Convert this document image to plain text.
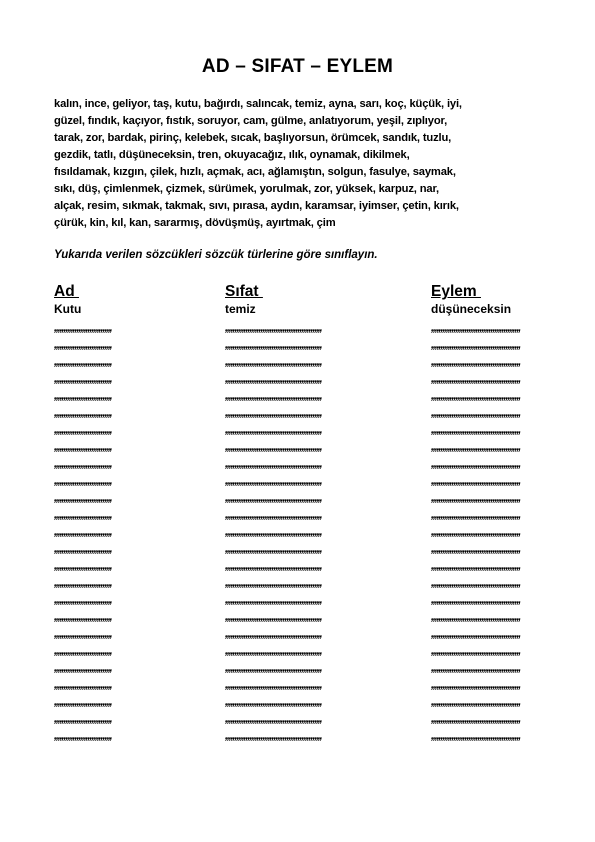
AD – SIFAT – EYLEM
kalın, ince, geliyor, taş, kutu, bağırdı, salıncak, temiz, ayna, sarı, koç, küçük, iyi,
güzel, fındık, kaçıyor, fıstık, soruyor, cam, gülme, anlatıyorum, yeşil, zıplıyor,
tarak, zor, bardak, pirinç, kelebek, sıcak, başlıyorsun, örümcek, sandık, tuzlu,
gezdik, tatlı, düşüneceksin, tren, okuyacağız, ılık, oynamak, dikilmek,
fısıldamak, kızgın, çilek, hızlı, açmak, acı, ağlamıştın, solgun, fasulye, saymak,
sıkı, düş, çimlenmek, çizmek, sürümek, yorulmak, zor, yüksek, karpuz, nar,
alçak, resim, sıkmak, takmak, sıvı, pırasa, aydın, karamsar, iyimser, çetin, kırık,
çürük, kin, kıl, kan, sararmış, dövüşmüş, ayırtmak, çim
Yukarıda verilen sözcükleri sözcük türlerine göre sınıflayın.
Ad
Kutu
,,,,,,,,,,,,,,,,,,,,,,,,,,,,,,,
,,,,,,,,,,,,,,,,,,,,,,,,,,,,,,,
,,,,,,,,,,,,,,,,,,,,,,,,,,,,,,,
,,,,,,,,,,,,,,,,,,,,,,,,,,,,,,,
,,,,,,,,,,,,,,,,,,,,,,,,,,,,,,,
,,,,,,,,,,,,,,,,,,,,,,,,,,,,,,,
,,,,,,,,,,,,,,,,,,,,,,,,,,,,,,,
,,,,,,,,,,,,,,,,,,,,,,,,,,,,,,,
,,,,,,,,,,,,,,,,,,,,,,,,,,,,,,,
,,,,,,,,,,,,,,,,,,,,,,,,,,,,,,,
,,,,,,,,,,,,,,,,,,,,,,,,,,,,,,,
,,,,,,,,,,,,,,,,,,,,,,,,,,,,,,,
,,,,,,,,,,,,,,,,,,,,,,,,,,,,,,,
,,,,,,,,,,,,,,,,,,,,,,,,,,,,,,,
,,,,,,,,,,,,,,,,,,,,,,,,,,,,,,,
,,,,,,,,,,,,,,,,,,,,,,,,,,,,,,,
,,,,,,,,,,,,,,,,,,,,,,,,,,,,,,,
,,,,,,,,,,,,,,,,,,,,,,,,,,,,,,,
,,,,,,,,,,,,,,,,,,,,,,,,,,,,,,,
,,,,,,,,,,,,,,,,,,,,,,,,,,,,,,,
,,,,,,,,,,,,,,,,,,,,,,,,,,,,,,,
,,,,,,,,,,,,,,,,,,,,,,,,,,,,,,,
,,,,,,,,,,,,,,,,,,,,,,,,,,,,,,,
,,,,,,,,,,,,,,,,,,,,,,,,,,,,,,,
,,,,,,,,,,,,,,,,,,,,,,,,,,,,,,,
Sıfat
temiz
,,,,,,,,,,,,,,,,,,,,,,,,,,,,,,,,,,,,,,,,,,,,,,,,,,,,
,,,,,,,,,,,,,,,,,,,,,,,,,,,,,,,,,,,,,,,,,,,,,,,,,,,,
,,,,,,,,,,,,,,,,,,,,,,,,,,,,,,,,,,,,,,,,,,,,,,,,,,,,
,,,,,,,,,,,,,,,,,,,,,,,,,,,,,,,,,,,,,,,,,,,,,,,,,,,,
,,,,,,,,,,,,,,,,,,,,,,,,,,,,,,,,,,,,,,,,,,,,,,,,,,,,
,,,,,,,,,,,,,,,,,,,,,,,,,,,,,,,,,,,,,,,,,,,,,,,,,,,,
,,,,,,,,,,,,,,,,,,,,,,,,,,,,,,,,,,,,,,,,,,,,,,,,,,,,
,,,,,,,,,,,,,,,,,,,,,,,,,,,,,,,,,,,,,,,,,,,,,,,,,,,,
,,,,,,,,,,,,,,,,,,,,,,,,,,,,,,,,,,,,,,,,,,,,,,,,,,,,
,,,,,,,,,,,,,,,,,,,,,,,,,,,,,,,,,,,,,,,,,,,,,,,,,,,,
,,,,,,,,,,,,,,,,,,,,,,,,,,,,,,,,,,,,,,,,,,,,,,,,,,,,
,,,,,,,,,,,,,,,,,,,,,,,,,,,,,,,,,,,,,,,,,,,,,,,,,,,,
,,,,,,,,,,,,,,,,,,,,,,,,,,,,,,,,,,,,,,,,,,,,,,,,,,,,
,,,,,,,,,,,,,,,,,,,,,,,,,,,,,,,,,,,,,,,,,,,,,,,,,,,,
,,,,,,,,,,,,,,,,,,,,,,,,,,,,,,,,,,,,,,,,,,,,,,,,,,,,
,,,,,,,,,,,,,,,,,,,,,,,,,,,,,,,,,,,,,,,,,,,,,,,,,,,,
,,,,,,,,,,,,,,,,,,,,,,,,,,,,,,,,,,,,,,,,,,,,,,,,,,,,
,,,,,,,,,,,,,,,,,,,,,,,,,,,,,,,,,,,,,,,,,,,,,,,,,,,,
,,,,,,,,,,,,,,,,,,,,,,,,,,,,,,,,,,,,,,,,,,,,,,,,,,,,
,,,,,,,,,,,,,,,,,,,,,,,,,,,,,,,,,,,,,,,,,,,,,,,,,,,,
,,,,,,,,,,,,,,,,,,,,,,,,,,,,,,,,,,,,,,,,,,,,,,,,,,,,
,,,,,,,,,,,,,,,,,,,,,,,,,,,,,,,,,,,,,,,,,,,,,,,,,,,,
,,,,,,,,,,,,,,,,,,,,,,,,,,,,,,,,,,,,,,,,,,,,,,,,,,,,
,,,,,,,,,,,,,,,,,,,,,,,,,,,,,,,,,,,,,,,,,,,,,,,,,,,,
,,,,,,,,,,,,,,,,,,,,,,,,,,,,,,,,,,,,,,,,,,,,,,,,,,,,
Eylem
düşüneceksin
,,,,,,,,,,,,,,,,,,,,,,,,,,,,,,,,,,,,,,,,,,,,,,,,
,,,,,,,,,,,,,,,,,,,,,,,,,,,,,,,,,,,,,,,,,,,,,,,,
,,,,,,,,,,,,,,,,,,,,,,,,,,,,,,,,,,,,,,,,,,,,,,,,
,,,,,,,,,,,,,,,,,,,,,,,,,,,,,,,,,,,,,,,,,,,,,,,,
,,,,,,,,,,,,,,,,,,,,,,,,,,,,,,,,,,,,,,,,,,,,,,,,
,,,,,,,,,,,,,,,,,,,,,,,,,,,,,,,,,,,,,,,,,,,,,,,,
,,,,,,,,,,,,,,,,,,,,,,,,,,,,,,,,,,,,,,,,,,,,,,,,
,,,,,,,,,,,,,,,,,,,,,,,,,,,,,,,,,,,,,,,,,,,,,,,,
,,,,,,,,,,,,,,,,,,,,,,,,,,,,,,,,,,,,,,,,,,,,,,,,
,,,,,,,,,,,,,,,,,,,,,,,,,,,,,,,,,,,,,,,,,,,,,,,,
,,,,,,,,,,,,,,,,,,,,,,,,,,,,,,,,,,,,,,,,,,,,,,,,
,,,,,,,,,,,,,,,,,,,,,,,,,,,,,,,,,,,,,,,,,,,,,,,,
,,,,,,,,,,,,,,,,,,,,,,,,,,,,,,,,,,,,,,,,,,,,,,,,
,,,,,,,,,,,,,,,,,,,,,,,,,,,,,,,,,,,,,,,,,,,,,,,,
,,,,,,,,,,,,,,,,,,,,,,,,,,,,,,,,,,,,,,,,,,,,,,,,
,,,,,,,,,,,,,,,,,,,,,,,,,,,,,,,,,,,,,,,,,,,,,,,,
,,,,,,,,,,,,,,,,,,,,,,,,,,,,,,,,,,,,,,,,,,,,,,,,
,,,,,,,,,,,,,,,,,,,,,,,,,,,,,,,,,,,,,,,,,,,,,,,,
,,,,,,,,,,,,,,,,,,,,,,,,,,,,,,,,,,,,,,,,,,,,,,,,
,,,,,,,,,,,,,,,,,,,,,,,,,,,,,,,,,,,,,,,,,,,,,,,,
,,,,,,,,,,,,,,,,,,,,,,,,,,,,,,,,,,,,,,,,,,,,,,,,
,,,,,,,,,,,,,,,,,,,,,,,,,,,,,,,,,,,,,,,,,,,,,,,,
,,,,,,,,,,,,,,,,,,,,,,,,,,,,,,,,,,,,,,,,,,,,,,,,
,,,,,,,,,,,,,,,,,,,,,,,,,,,,,,,,,,,,,,,,,,,,,,,,
,,,,,,,,,,,,,,,,,,,,,,,,,,,,,,,,,,,,,,,,,,,,,,,,
